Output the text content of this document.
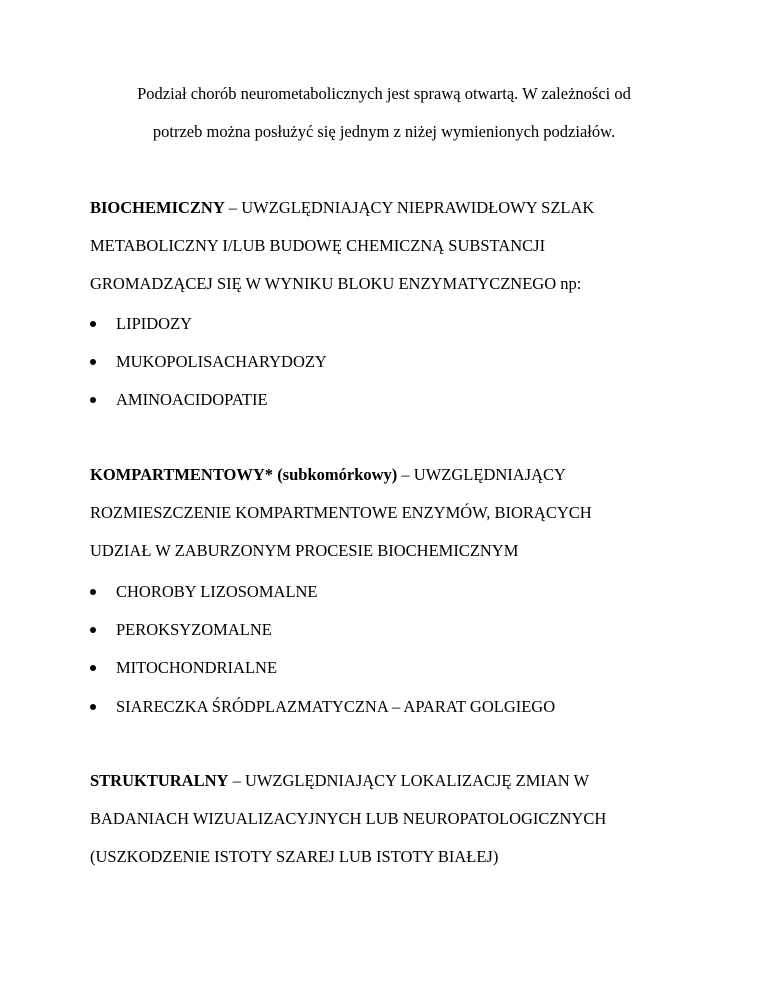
Podział chorób neurometabolicznych jest sprawą otwartą. W zależności od
potrzeb można posłużyć się jednym z niżej wymienionych podziałów.
BIOCHEMICZNY – UWZGLĘDNIAJĄCY NIEPRAWIDŁOWY SZLAK
METABOLICZNY I/LUB BUDOWĘ CHEMICZNĄ SUBSTANCJI
GROMADZĄCEJ SIĘ W WYNIKU BLOKU ENZYMATYCZNEGO np:
LIPIDOZY
MUKOPOLISACHARYDOZY
AMINOACIDOPATIE
KOMPARTMENTOWY* (subkomórkowy) – UWZGLĘDNIAJĄCY
ROZMIESZCZENIE KOMPARTMENTOWE ENZYMÓW, BIORĄCYCH
UDZIAŁ W ZABURZONYM PROCESIE BIOCHEMICZNYM
CHOROBY LIZOSOMALNE
PEROKSYZOMALNE
MITOCHONDRIALNE
SIARECZKA ŚRÓDPLAZMATYCZNA – APARAT GOLGIEGO
STRUKTURALNY – UWZGLĘDNIAJĄCY LOKALIZACJĘ ZMIAN W
BADANIACH WIZUALIZACYJNYCH LUB NEUROPATOLOGICZNYCH
(USZKODZENIE ISTOTY SZAREJ LUB ISTOTY BIAŁEJ)
